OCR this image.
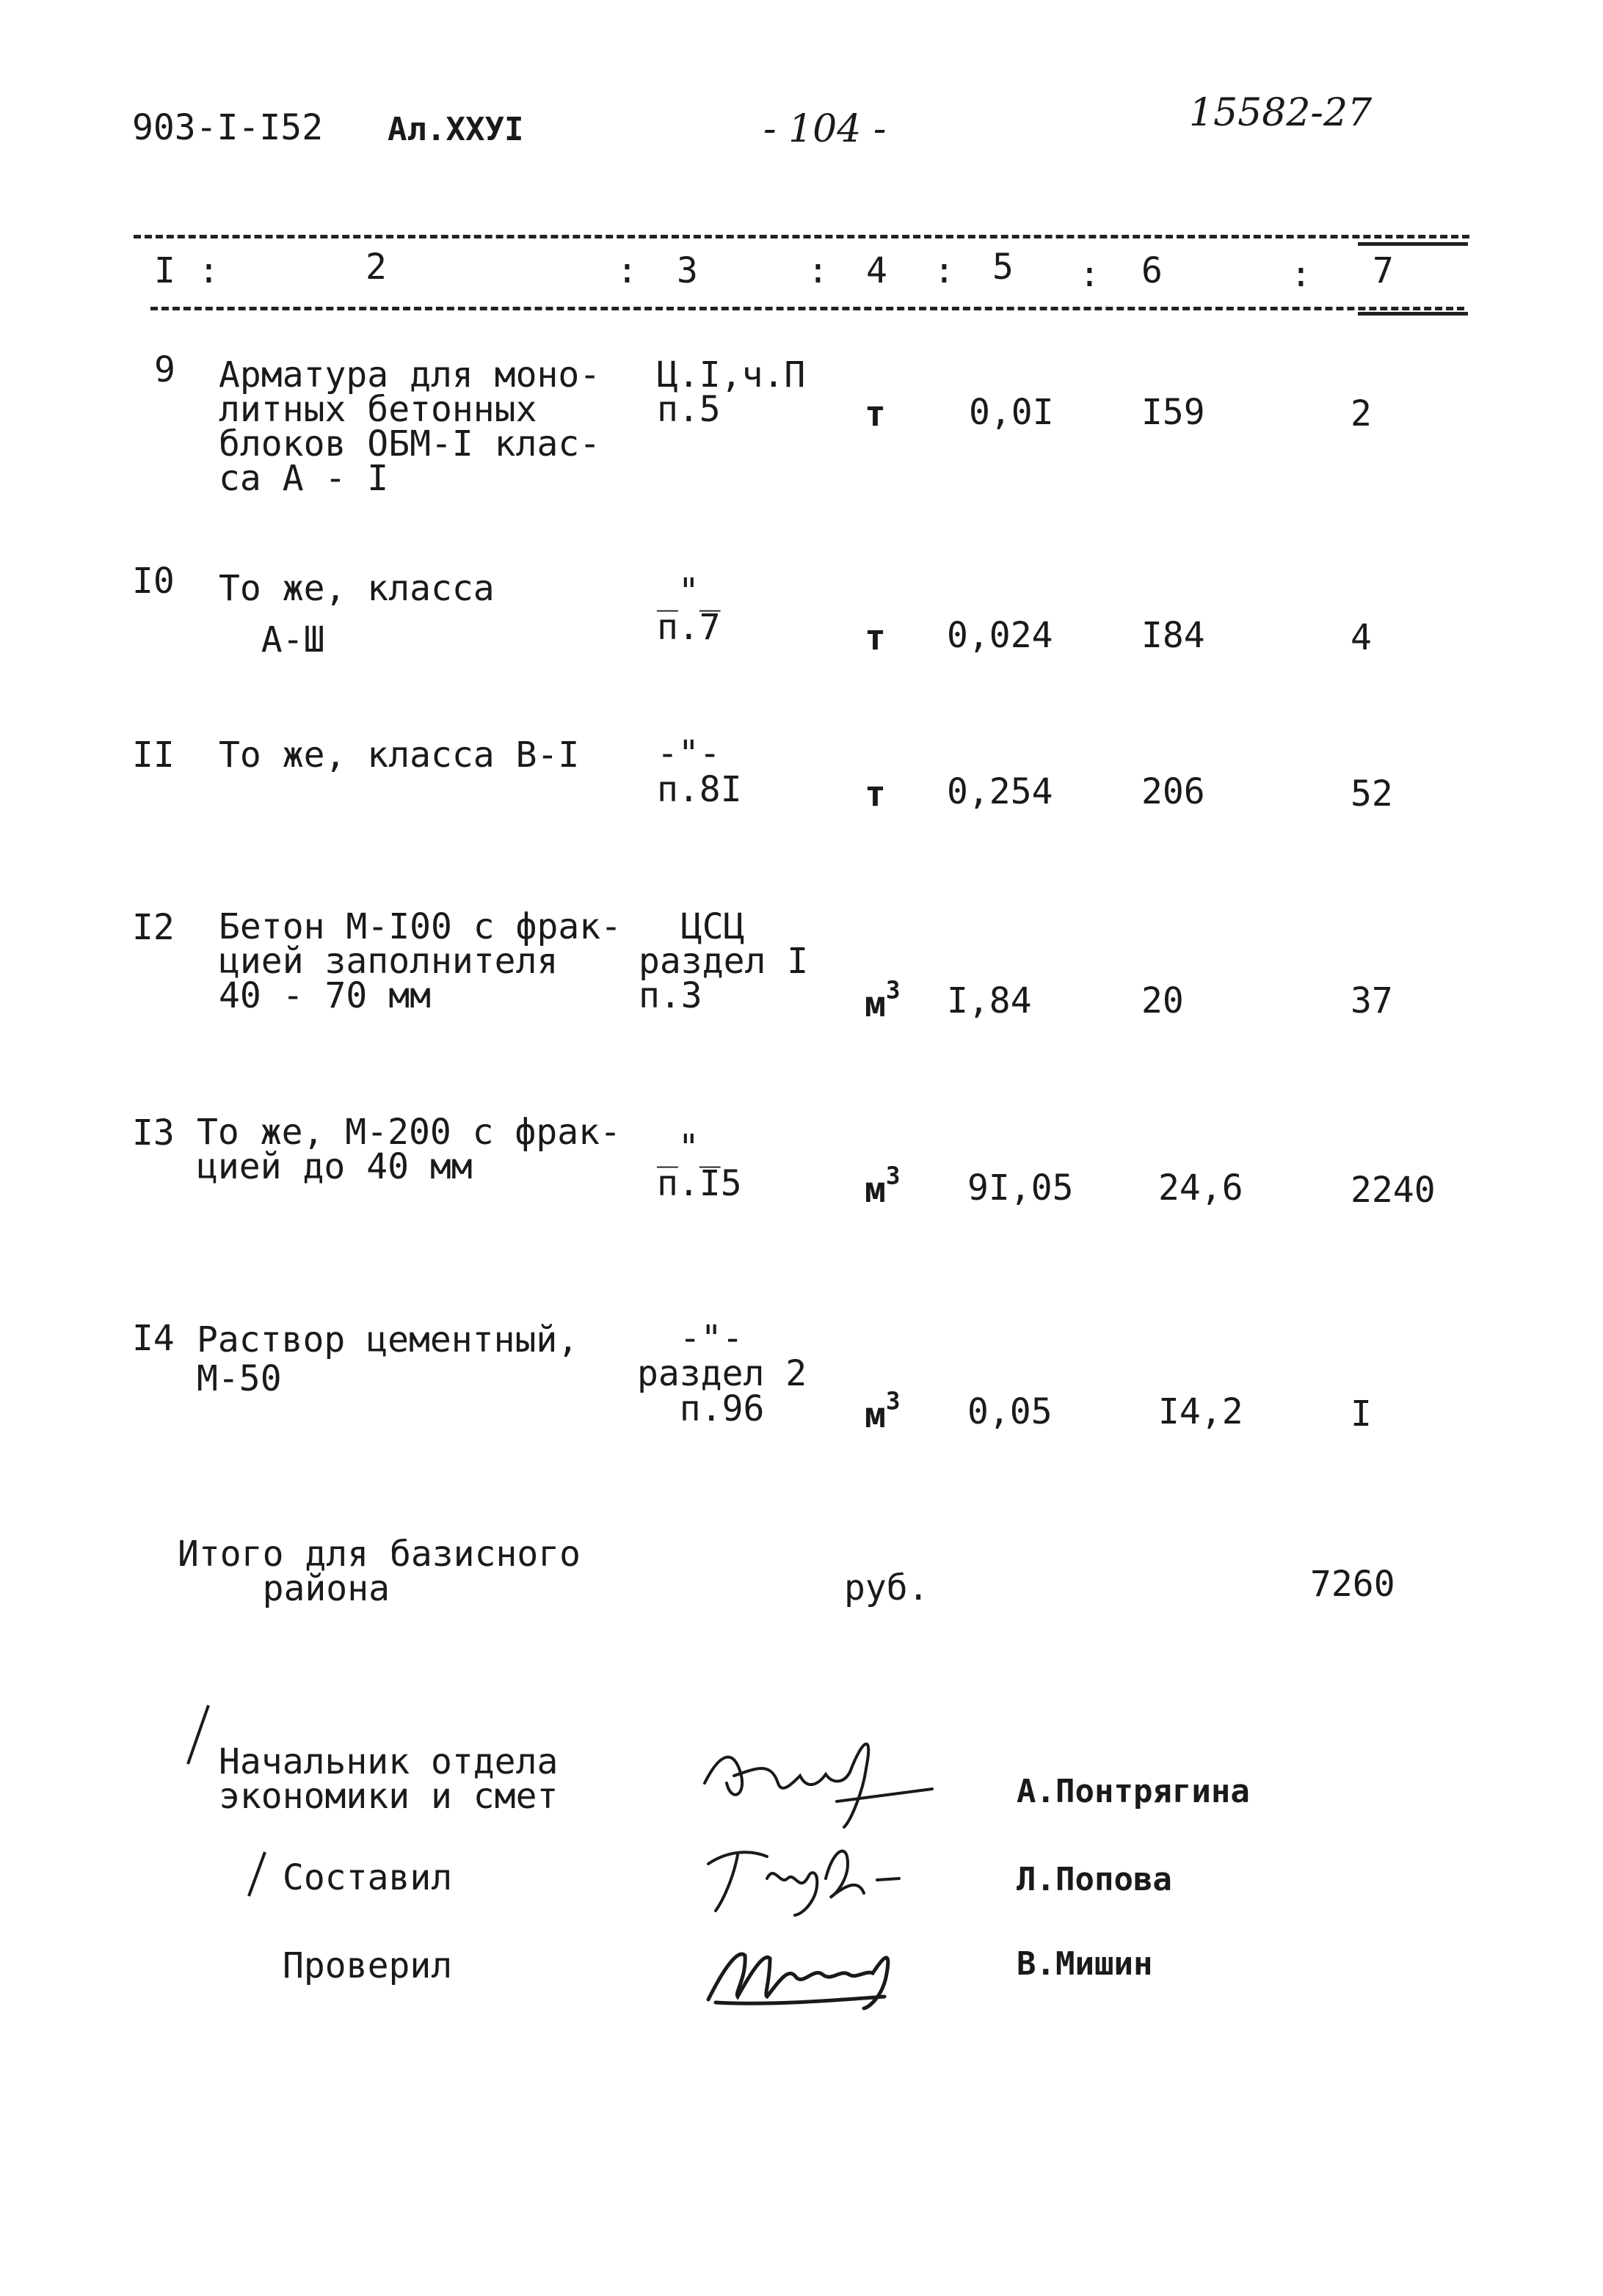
903-I-I52 Ал.XXУI	- 104 -	15582-27
I :	2	: 3	: 4 : 5 : 6	: 7
9 Арматура для моно-
литных бетонных
блоков ОБМ-I клас-
са А - I
Ц.I,ч.П
п.5	т 0,0I I59	2
I0 То же, класса
А-Ш
_"_
п.7	т 0,024	I84	4
II То же, класса В-I -"-
п.8I	т 0,254	206	52
I2 Бетон М-I00 с фрак-
цией заполнителя
40 - 70 мм
ЦСЦ
раздел I
п.3	$м^3$ I,84	20	37
I3 То же, М-200 с фрак-
цией до 40 мм	_"_
п.I5	$м^3$ 9I,05 24,6	2240
I4 Раствор цементный,
М-50
-"-
раздел 2
п.96	$м^3$ 0,05	I4,2	I
Итого для базисного
района	руб.	7260
Начальник отдела
экономики и смет	А.Понтрягина
Составил	Л.Попова
Проверил	В.Мишин
